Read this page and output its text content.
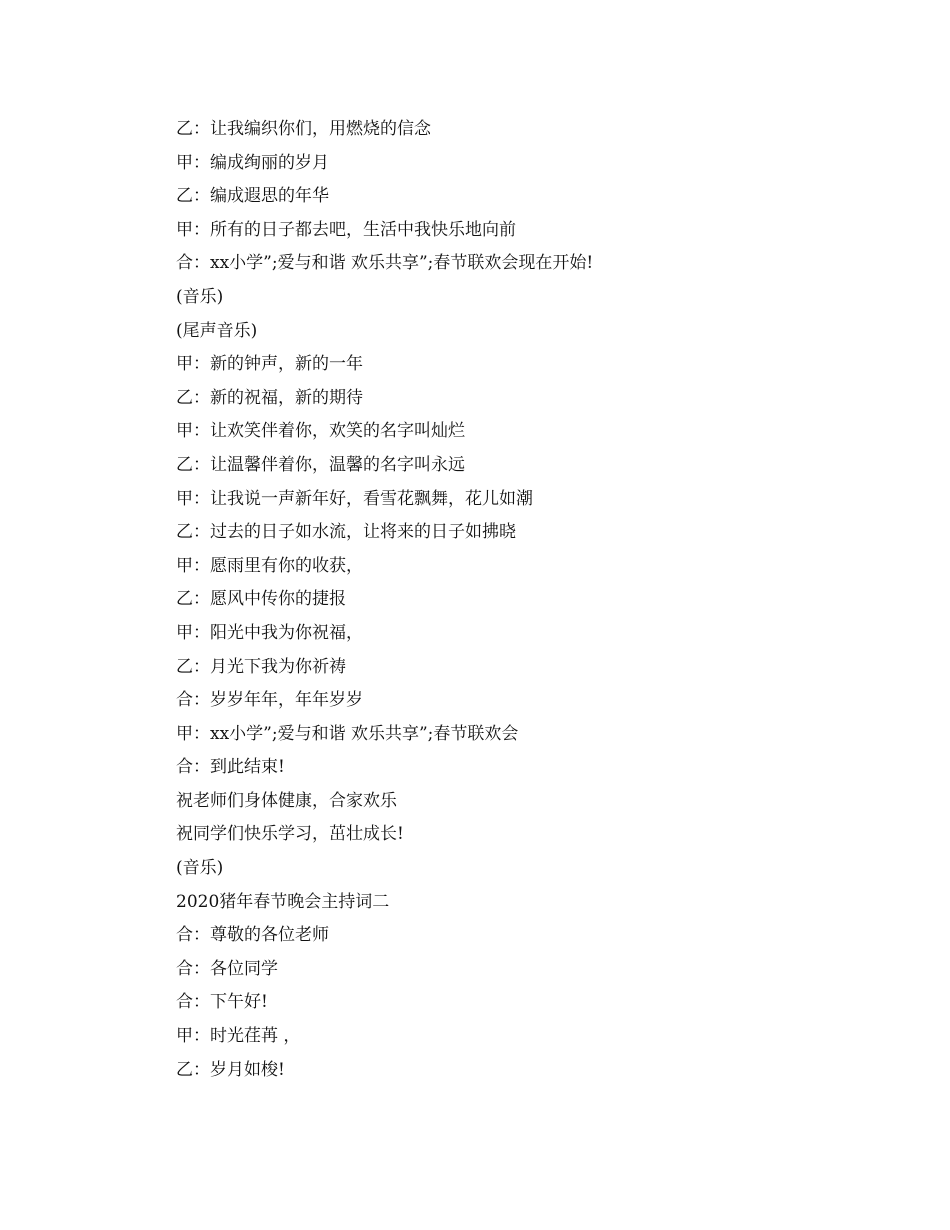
乙：让我编织你们，用燃烧的信念
甲：编成绚丽的岁月
乙：编成遐思的年华
甲：所有的日子都去吧，生活中我快乐地向前
合：xx小学”;爱与和谐 欢乐共享”;春节联欢会现在开始!
(音乐)
(尾声音乐)
甲：新的钟声，新的一年
乙：新的祝福，新的期待
甲：让欢笑伴着你，欢笑的名字叫灿烂
乙：让温馨伴着你，温馨的名字叫永远
甲：让我说一声新年好，看雪花飘舞，花儿如潮
乙：过去的日子如水流，让将来的日子如拂晓
甲：愿雨里有你的收获，
乙：愿风中传你的捷报
甲：阳光中我为你祝福，
乙：月光下我为你祈祷
合：岁岁年年，年年岁岁
甲：xx小学”;爱与和谐 欢乐共享”;春节联欢会
合：到此结束!
祝老师们身体健康，合家欢乐
祝同学们快乐学习，茁壮成长!
(音乐)
2020猪年春节晚会主持词二
合：尊敬的各位老师
合：各位同学
合：下午好!
甲：时光荏苒 ，
乙：岁月如梭!
